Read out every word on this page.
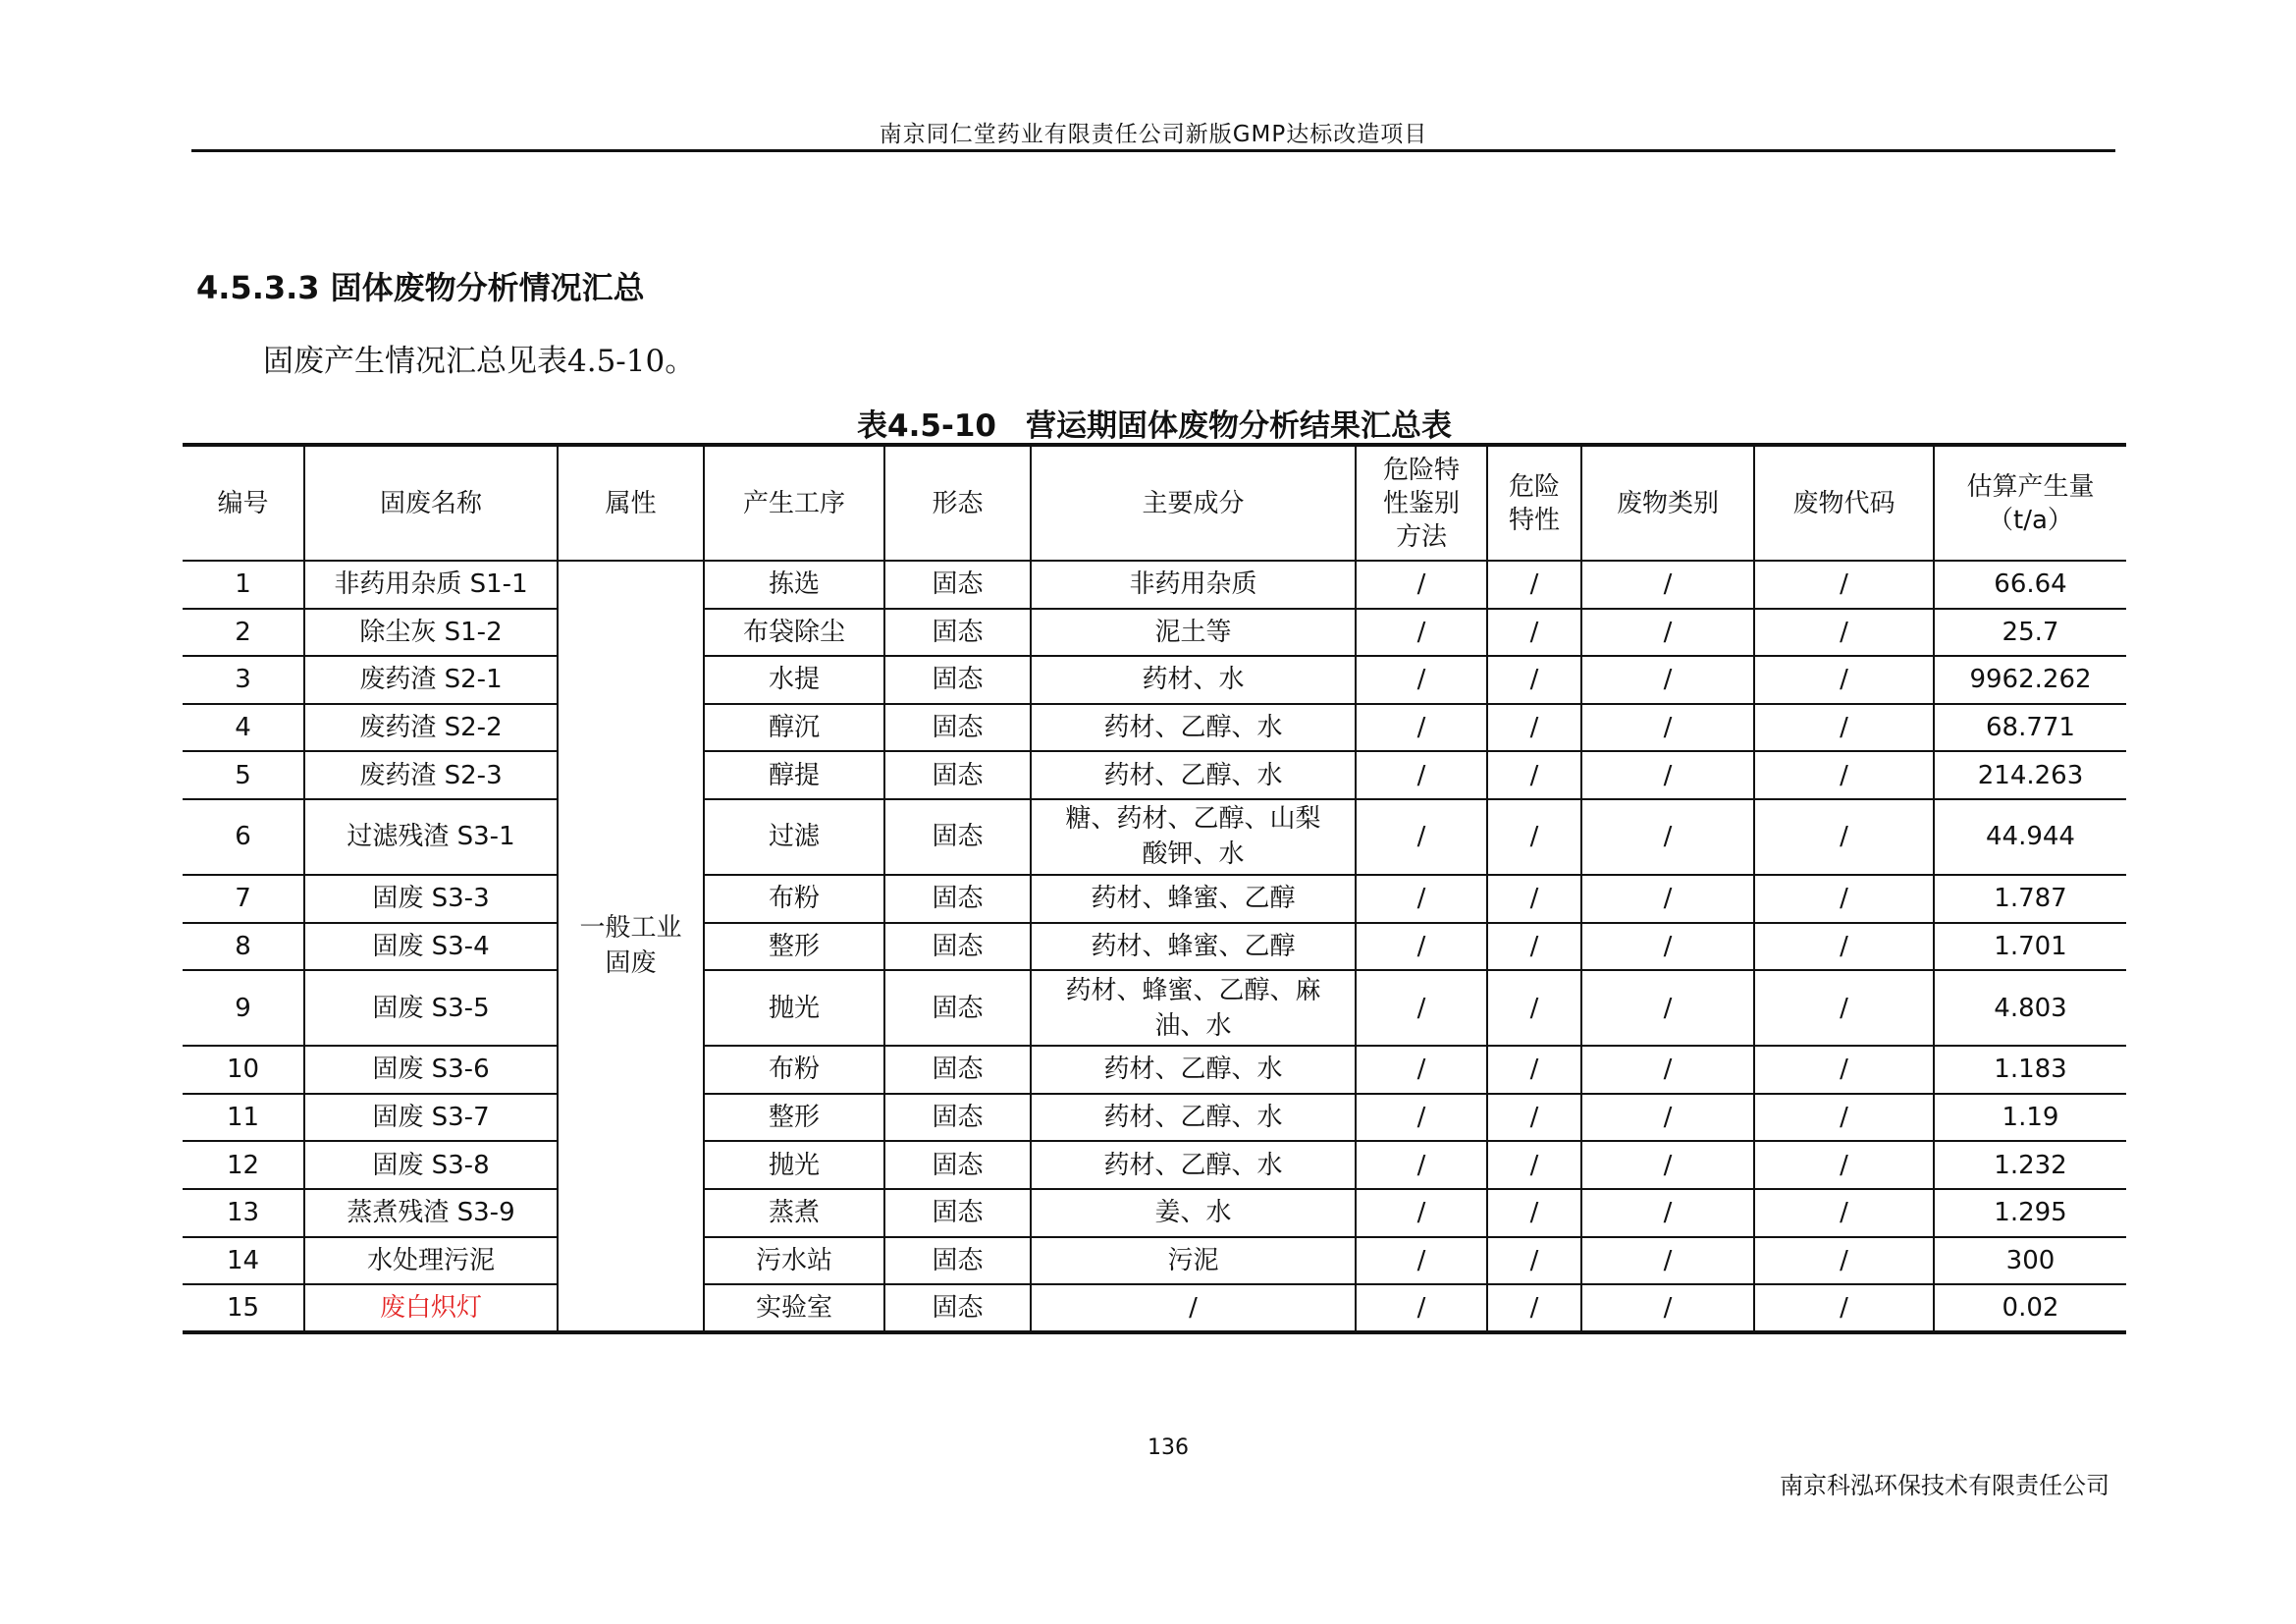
南京同仁堂药业有限责任公司新版GMP达标改造项目
4.5.3.3 固体废物分析情况汇总
固废产生情况汇总见表4.5-10。
表4.5-10 营运期固体废物分析结果汇总表
编号	固废名称	属性	产生工序	形态	主要成分	危险特
性鉴别
方法	危险
特性	废物类别	废物代码	估算产生量
（t/a）
1	非药用杂质 S1-1	一般工业
固废	拣选	固态	非药用杂质	/	/	/	/	66.64
2	除尘灰 S1-2		布袋除尘	固态	泥土等	/	/	/	/	25.7
3	废药渣 S2-1		水提	固态	药材、水	/	/	/	/	9962.262
4	废药渣 S2-2		醇沉	固态	药材、乙醇、水	/	/	/	/	68.771
5	废药渣 S2-3		醇提	固态	药材、乙醇、水	/	/	/	/	214.263
6	过滤残渣 S3-1		过滤	固态	糖、药材、乙醇、山梨
酸钾、水	/	/	/	/	44.944
7	固废 S3-3		布粉	固态	药材、蜂蜜、乙醇	/	/	/	/	1.787
8	固废 S3-4		整形	固态	药材、蜂蜜、乙醇	/	/	/	/	1.701
9	固废 S3-5		抛光	固态	药材、蜂蜜、乙醇、麻
油、水	/	/	/	/	4.803
10	固废 S3-6		布粉	固态	药材、乙醇、水	/	/	/	/	1.183
11	固废 S3-7		整形	固态	药材、乙醇、水	/	/	/	/	1.19
12	固废 S3-8		抛光	固态	药材、乙醇、水	/	/	/	/	1.232
13	蒸煮残渣 S3-9		蒸煮	固态	姜、水	/	/	/	/	1.295
14	水处理污泥		污水站	固态	污泥	/	/	/	/	300
15	废白炽灯		实验室	固态	/	/	/	/	/	0.02
136
南京科泓环保技术有限责任公司
